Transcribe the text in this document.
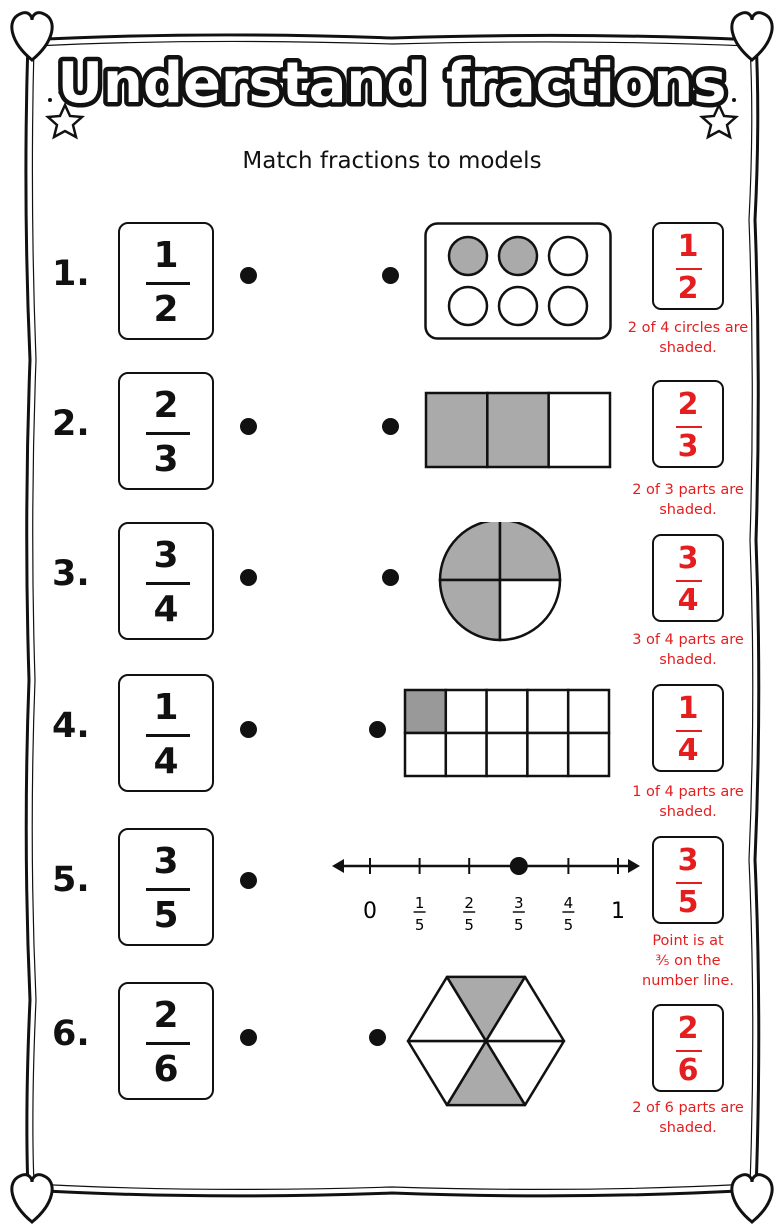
Understand fractions
Match fractions to models
1.	1
2
1
2
2 of 4 circles are shaded.
2.	2
3
2
3
2 of 3 parts are shaded.
3.	3
4
3
4
3 of 4 parts are shaded.
4.	1
4
1
4
1 of 4 parts are shaded.
5.	3
5	0	1
1
5
2
5
3
5
4
5
3
5
Point is at
⅗ on the
number line.
6.	2
6
2
6
2 of 6 parts are shaded.
